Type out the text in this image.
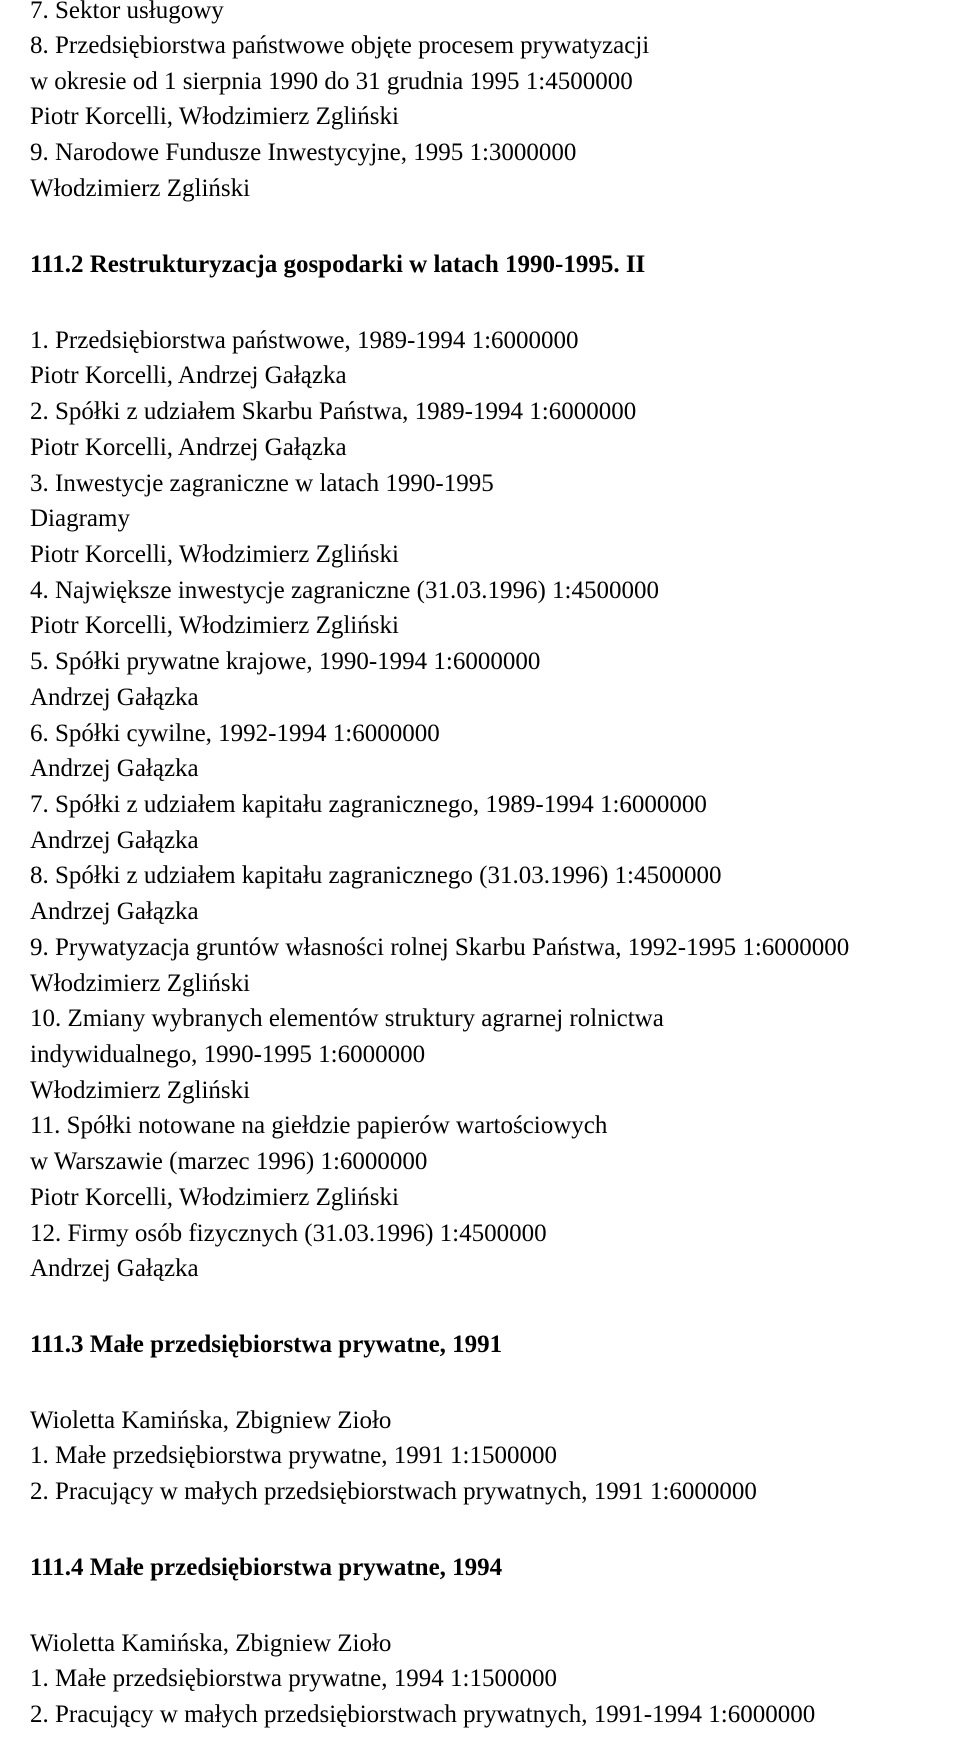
7. Sektor usługowy
8. Przedsiębiorstwa państwowe objęte procesem prywatyzacji
w okresie od 1 sierpnia 1990 do 31 grudnia 1995 1:4500000
Piotr Korcelli, Włodzimierz Zgliński
9. Narodowe Fundusze Inwestycyjne, 1995 1:3000000
Włodzimierz Zgliński
111.2 Restrukturyzacja gospodarki w latach 1990-1995. II
1. Przedsiębiorstwa państwowe, 1989-1994 1:6000000
Piotr Korcelli, Andrzej Gałązka
2. Spółki z udziałem Skarbu Państwa, 1989-1994 1:6000000
Piotr Korcelli, Andrzej Gałązka
3. Inwestycje zagraniczne w latach 1990-1995
Diagramy
Piotr Korcelli, Włodzimierz Zgliński
4. Największe inwestycje zagraniczne (31.03.1996) 1:4500000
Piotr Korcelli, Włodzimierz Zgliński
5. Spółki prywatne krajowe, 1990-1994 1:6000000
Andrzej Gałązka
6. Spółki cywilne, 1992-1994 1:6000000
Andrzej Gałązka
7. Spółki z udziałem kapitału zagranicznego, 1989-1994 1:6000000
Andrzej Gałązka
8. Spółki z udziałem kapitału zagranicznego (31.03.1996) 1:4500000
Andrzej Gałązka
9. Prywatyzacja gruntów własności rolnej Skarbu Państwa, 1992-1995 1:6000000
Włodzimierz Zgliński
10. Zmiany wybranych elementów struktury agrarnej rolnictwa
indywidualnego, 1990-1995 1:6000000
Włodzimierz Zgliński
11. Spółki notowane na giełdzie papierów wartościowych
w Warszawie (marzec 1996) 1:6000000
Piotr Korcelli, Włodzimierz Zgliński
12. Firmy osób fizycznych (31.03.1996) 1:4500000
Andrzej Gałązka
111.3 Małe przedsiębiorstwa prywatne, 1991
Wioletta Kamińska, Zbigniew Zioło
1. Małe przedsiębiorstwa prywatne, 1991 1:1500000
2. Pracujący w małych przedsiębiorstwach prywatnych, 1991 1:6000000
111.4 Małe przedsiębiorstwa prywatne, 1994
Wioletta Kamińska, Zbigniew Zioło
1. Małe przedsiębiorstwa prywatne, 1994 1:1500000
2. Pracujący w małych przedsiębiorstwach prywatnych, 1991-1994 1:6000000
